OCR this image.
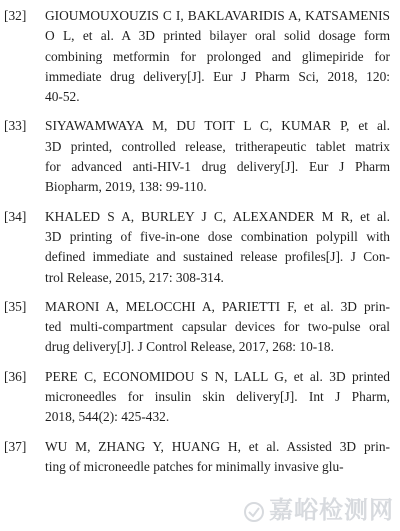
[32]	GIOUMOUXOUZIS C I, BAKLAVARIDIS A, KATSAMENIS
O L, et al. A 3D printed bilayer oral solid dosage form
combining metformin for prolonged and glimepiride for
immediate drug delivery[J]. Eur J Pharm Sci, 2018, 120:
40-52.
[33]	SIYAWAMWAYA M, DU TOIT L C, KUMAR P, et al.
3D printed, controlled release, tritherapeutic tablet matrix
for advanced anti-HIV-1 drug delivery[J]. Eur J Pharm
Biopharm, 2019, 138: 99-110.
[34]	KHALED S A, BURLEY J C, ALEXANDER M R, et al.
3D printing of five-in-one dose combination polypill with
defined immediate and sustained release profiles[J]. J Con-
trol Release, 2015, 217: 308-314.
[35]	MARONI A, MELOCCHI A, PARIETTI F, et al. 3D prin-
ted multi-compartment capsular devices for two-pulse oral
drug delivery[J]. J Control Release, 2017, 268: 10-18.
[36]	PERE C, ECONOMIDOU S N, LALL G, et al. 3D printed
microneedles for insulin skin delivery[J]. Int J Pharm,
2018, 544(2): 425-432.
[37]	WU M, ZHANG Y, HUANG H, et al. Assisted 3D prin-
ting of microneedle patches for minimally invasive glu-
嘉峪检测网
